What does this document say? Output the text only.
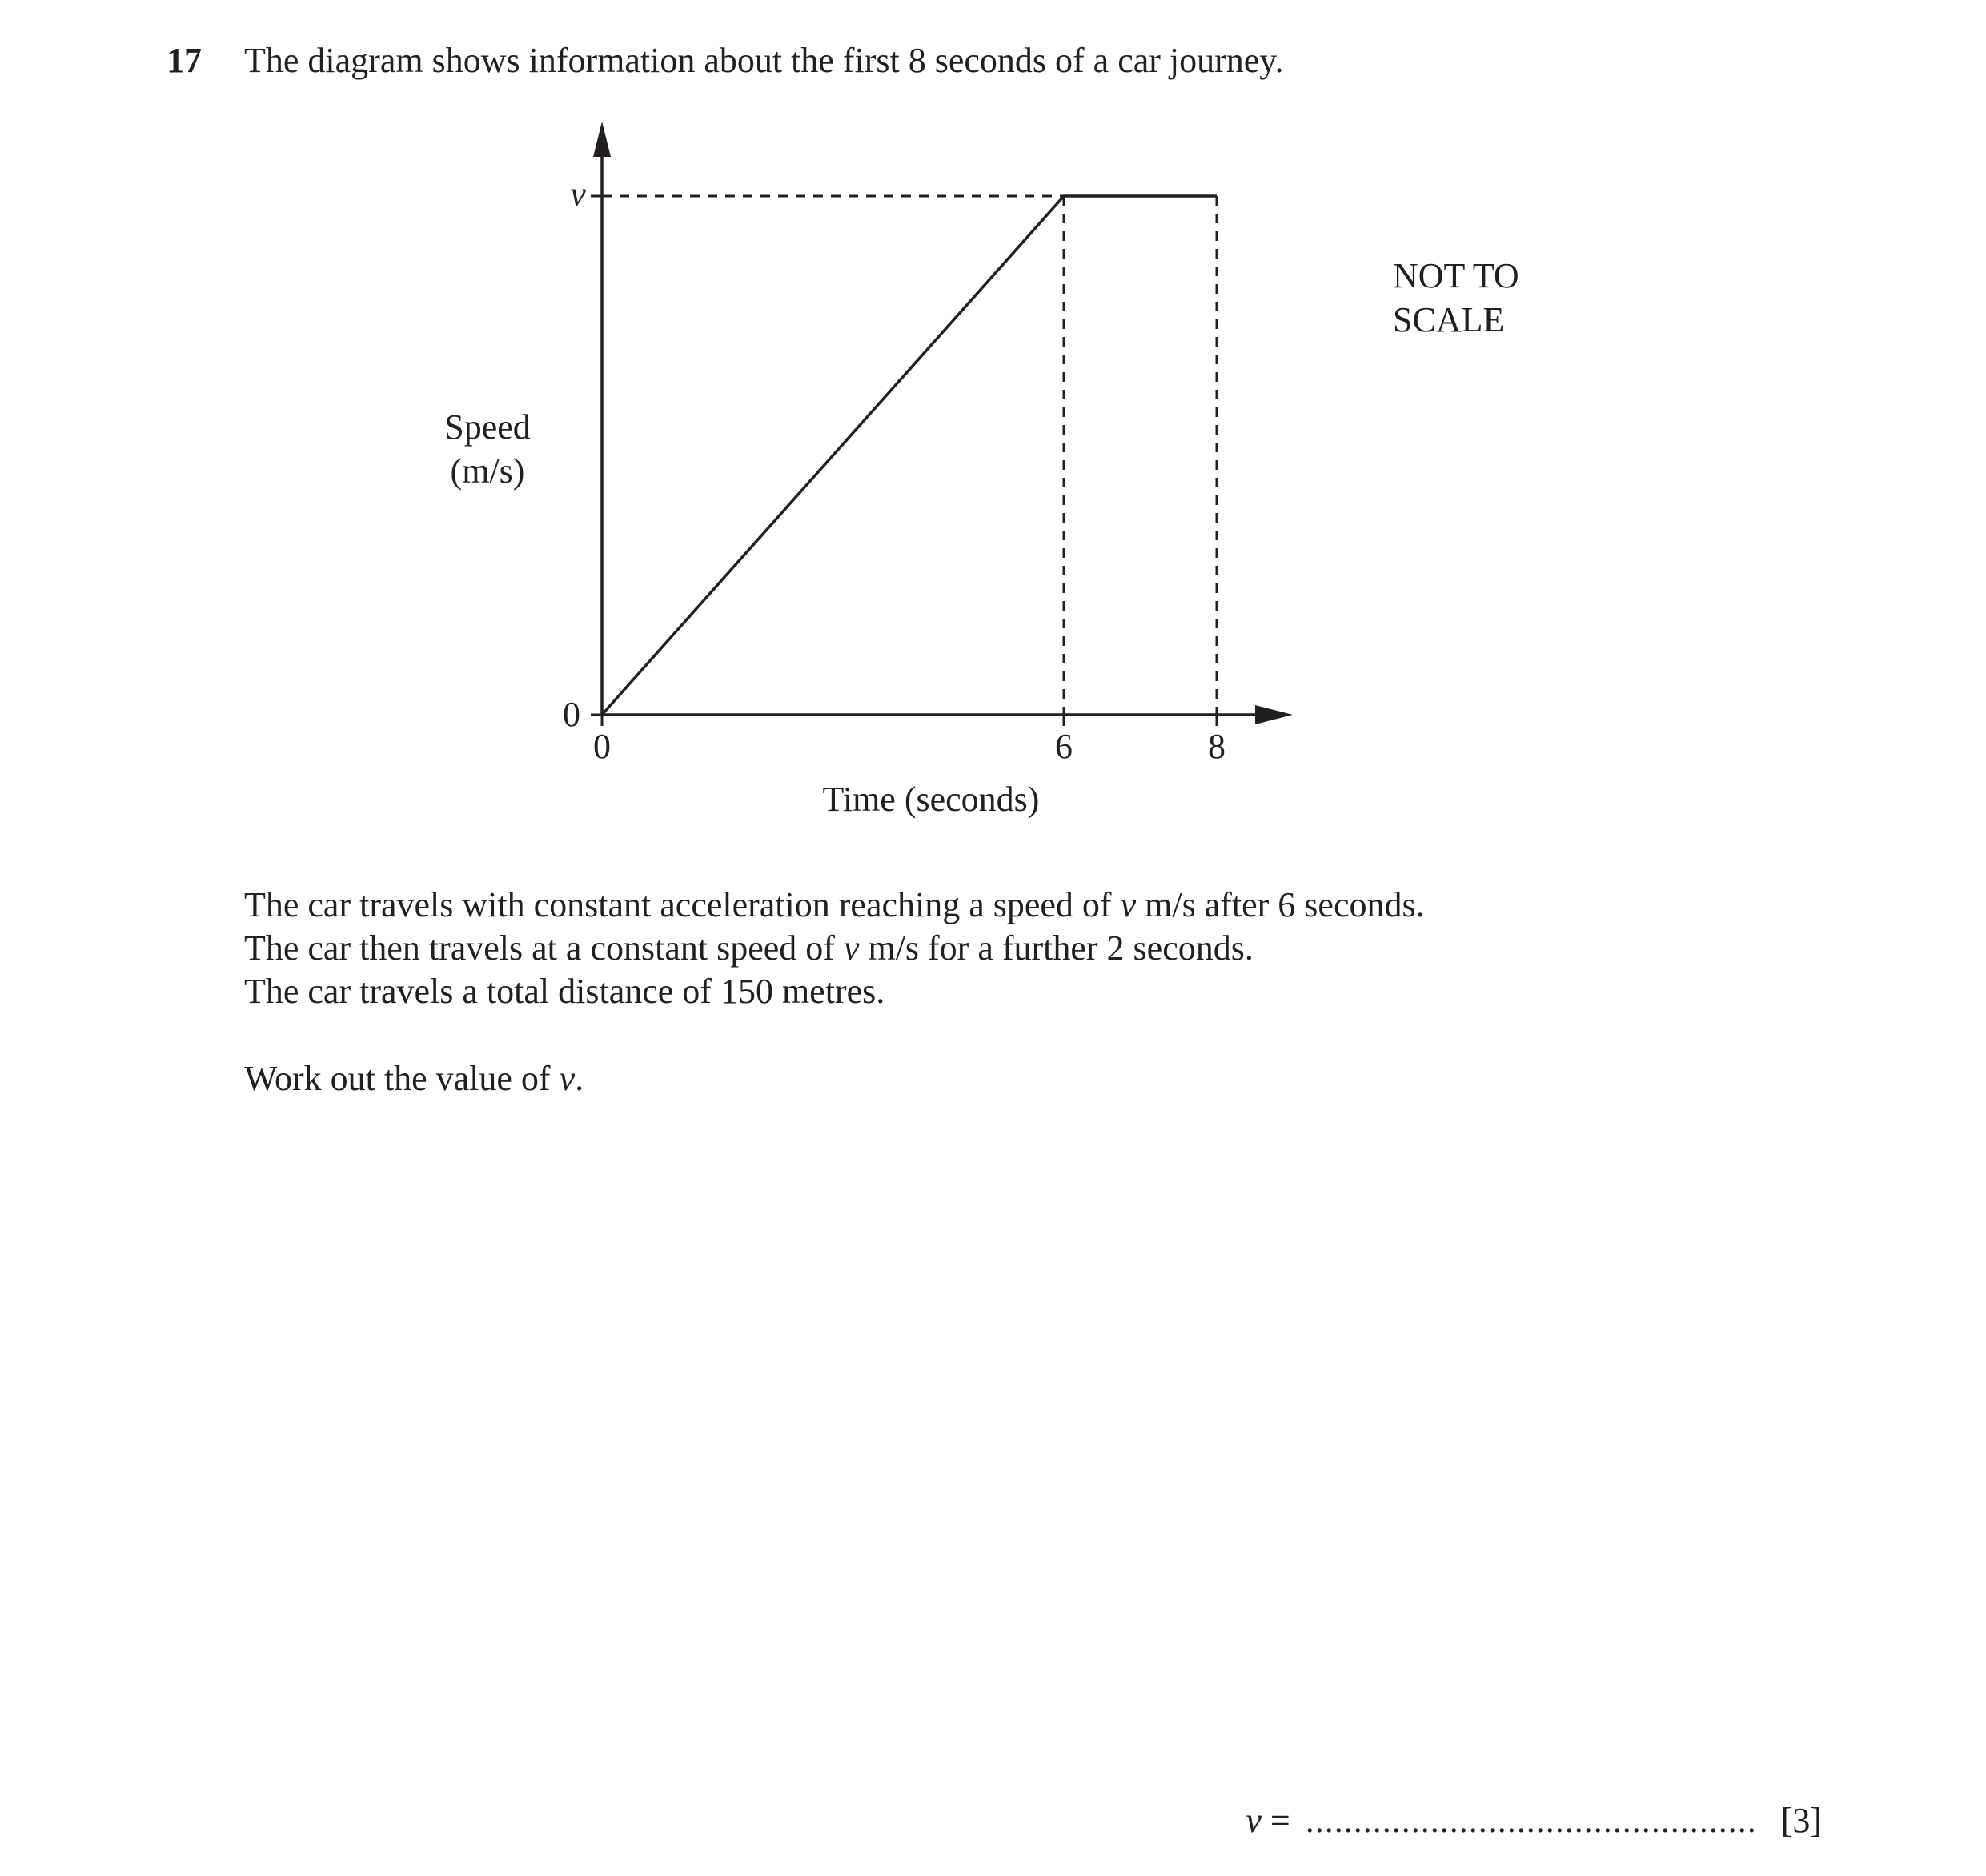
17 The diagram shows information about the first 8 seconds of a car journey.
v
0
0	6	8
Speed
(m/s)
Time (seconds)
NOT TO
SCALE
The car travels with constant acceleration reaching a speed of v m/s after 6 seconds.
The car then travels at a constant speed of v m/s for a further 2 seconds.
The car travels a total distance of 150 metres.
Work out the value of v.
v = ............................................... [3]
